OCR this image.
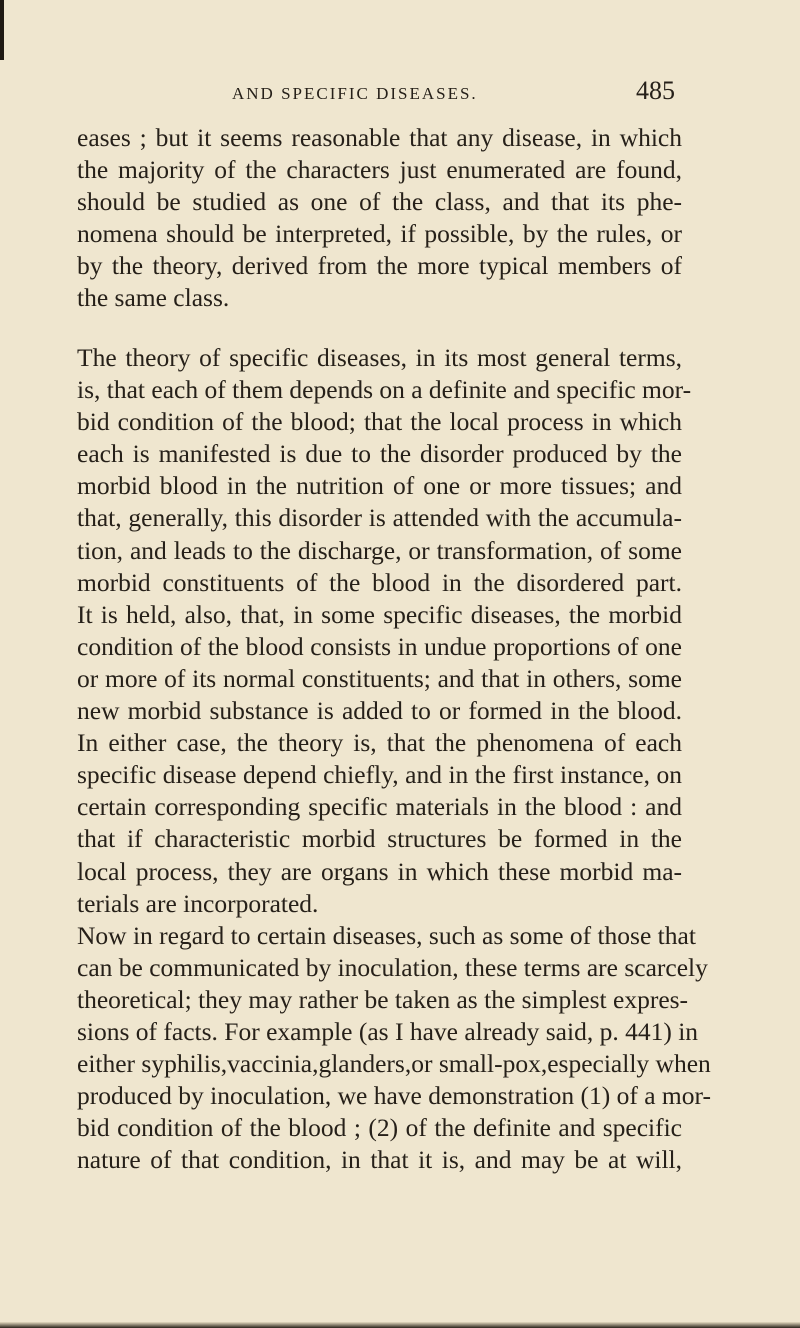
AND SPECIFIC DISEASES.	485
eases ; but it seems reasonable that any disease, in which
the majority of the characters just enumerated are found,
should be studied as one of the class, and that its phe-
nomena should be interpreted, if possible, by the rules, or
by the theory, derived from the more typical members of
the same class.
The theory of specific diseases, in its most general terms,
is, that each of them depends on a definite and specific mor-
bid condition of the blood; that the local process in which
each is manifested is due to the disorder produced by the
morbid blood in the nutrition of one or more tissues; and
that, generally, this disorder is attended with the accumula-
tion, and leads to the discharge, or transformation, of some
morbid constituents of the blood in the disordered part.
It is held, also, that, in some specific diseases, the morbid
condition of the blood consists in undue proportions of one
or more of its normal constituents; and that in others, some
new morbid substance is added to or formed in the blood.
In either case, the theory is, that the phenomena of each
specific disease depend chiefly, and in the first instance, on
certain corresponding specific materials in the blood : and
that if characteristic morbid structures be formed in the
local process, they are organs in which these morbid ma-
terials are incorporated.
Now in regard to certain diseases, such as some of those that
can be communicated by inoculation, these terms are scarcely
theoretical; they may rather be taken as the simplest expres-
sions of facts. For example (as I have already said, p. 441) in
either syphilis,vaccinia,glanders,or small-pox,especially when
produced by inoculation, we have demonstration (1) of a mor-
bid condition of the blood ; (2) of the definite and specific
nature of that condition, in that it is, and may be at will,
